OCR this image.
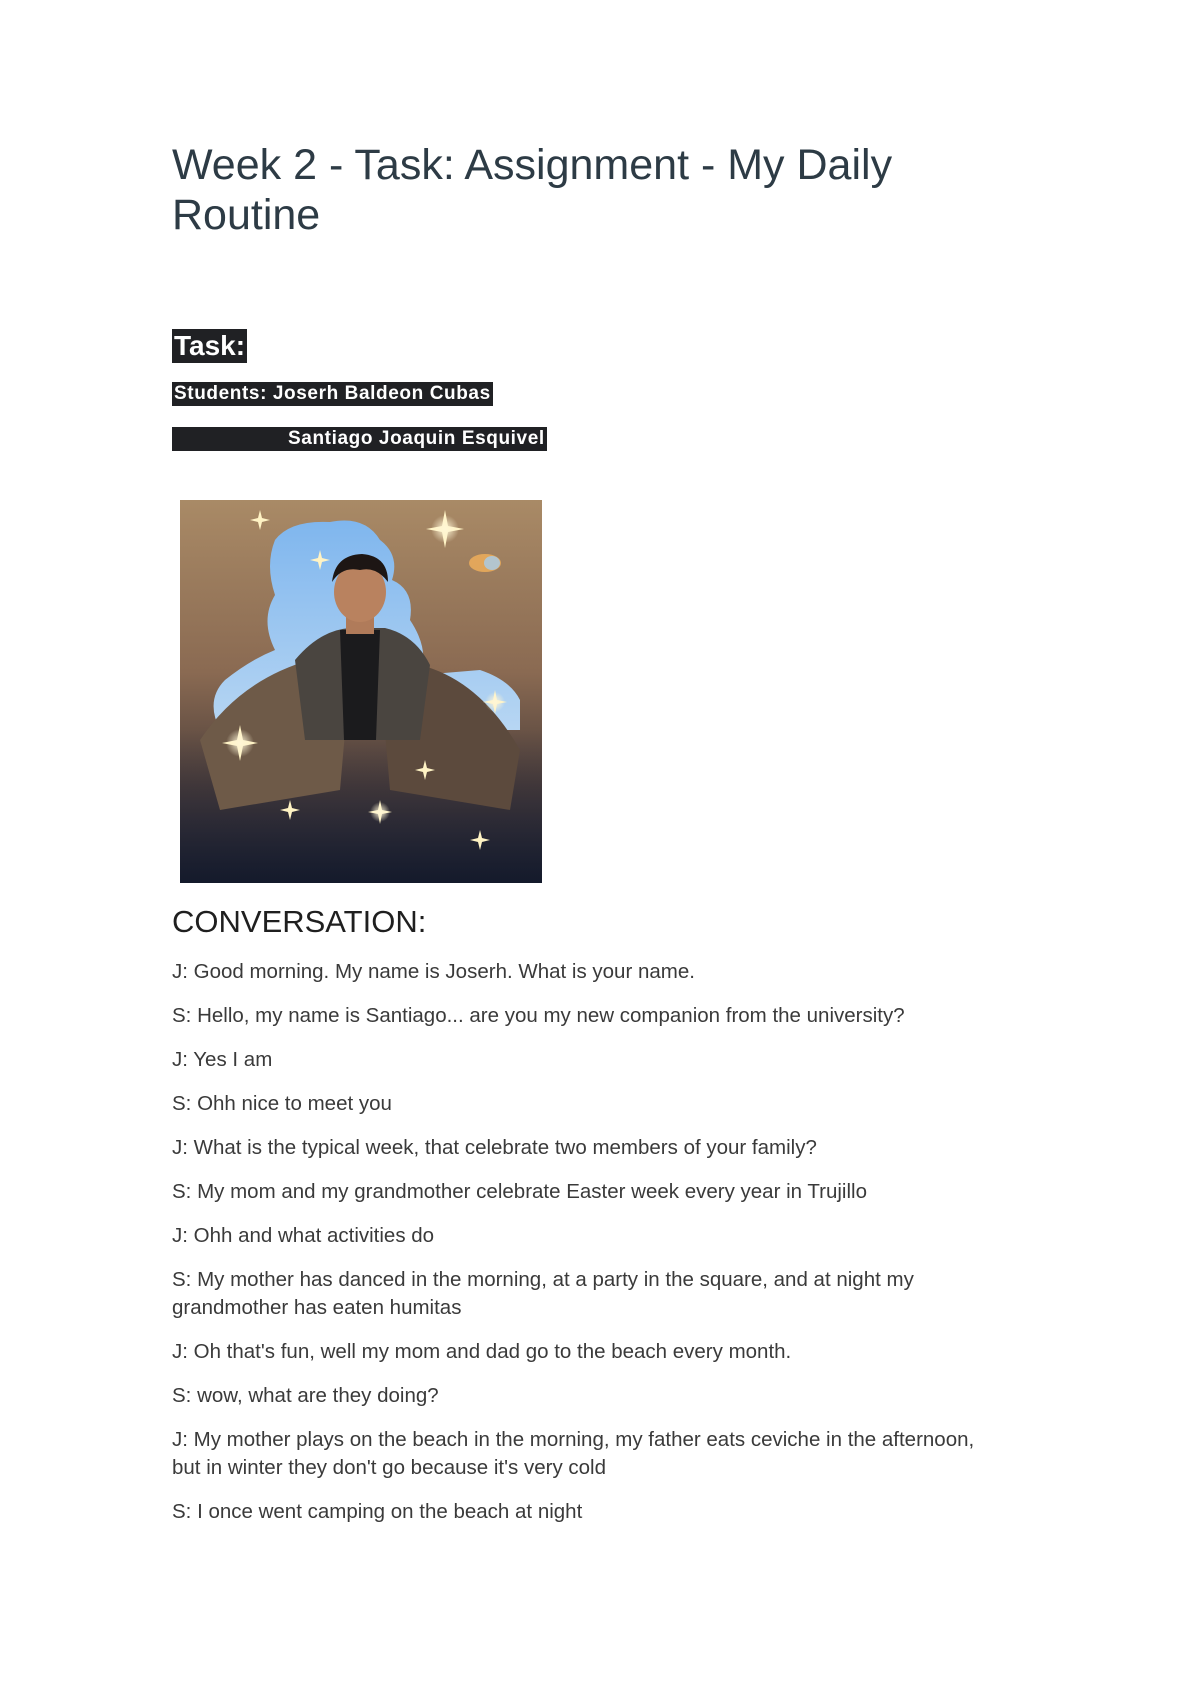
Week 2 - Task: Assignment - My Daily Routine
Task:
Students: Joserh Baldeon Cubas
Santiago Joaquin Esquivel
CONVERSATION:

J: Good morning. My name is Joserh. What is your name.

S: Hello, my name is Santiago... are you my new companion from the university?

J: Yes I am

S: Ohh nice to meet you

J: What is the typical week, that celebrate two members of your family?

S: My mom and my grandmother celebrate Easter week every year in Trujillo

J: Ohh and what activities do

S: My mother has danced in the morning, at a party in the square, and at night my grandmother has eaten humitas

J: Oh that's fun, well my mom and dad go to the beach every month.

S: wow, what are they doing?

J: My mother plays on the beach in the morning, my father eats ceviche in the afternoon, but in winter they don't go because it's very cold

S: I once went camping on the beach at night
